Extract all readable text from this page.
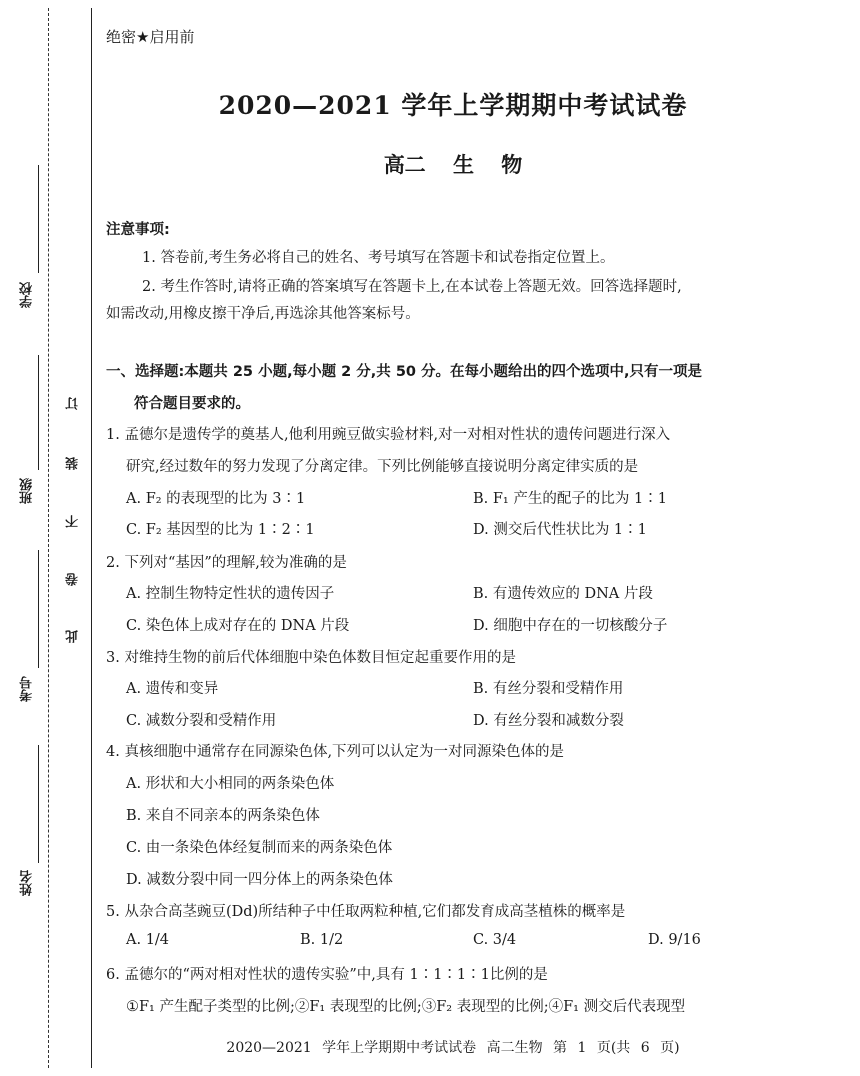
学校
班级
考号
姓名
订
装
不
卷
此
绝密★启用前
2020—2021 学年上学期期中考试试卷
高二 生 物
注意事项:
1. 答卷前,考生务必将自己的姓名、考号填写在答题卡和试卷指定位置上。
2. 考生作答时,请将正确的答案填写在答题卡上,在本试卷上答题无效。回答选择题时,
如需改动,用橡皮擦干净后,再选涂其他答案标号。
一、选择题:本题共 25 小题,每小题 2 分,共 50 分。在每小题给出的四个选项中,只有一项是
符合题目要求的。
1. 孟德尔是遗传学的奠基人,他利用豌豆做实验材料,对一对相对性状的遗传问题进行深入
研究,经过数年的努力发现了分离定律。下列比例能够直接说明分离定律实质的是
A. F₂ 的表现型的比为 3∶1	B. F₁ 产生的配子的比为 1∶1
C. F₂ 基因型的比为 1∶2∶1	D. 测交后代性状比为 1∶1
2. 下列对“基因”的理解,较为准确的是
A. 控制生物特定性状的遗传因子	B. 有遗传效应的 DNA 片段
C. 染色体上成对存在的 DNA 片段	D. 细胞中存在的一切核酸分子
3. 对维持生物的前后代体细胞中染色体数目恒定起重要作用的是
A. 遗传和变异	B. 有丝分裂和受精作用
C. 减数分裂和受精作用	D. 有丝分裂和减数分裂
4. 真核细胞中通常存在同源染色体,下列可以认定为一对同源染色体的是
A. 形状和大小相同的两条染色体
B. 来自不同亲本的两条染色体
C. 由一条染色体经复制而来的两条染色体
D. 减数分裂中同一四分体上的两条染色体
5. 从杂合高茎豌豆(Dd)所结种子中任取两粒种植,它们都发育成高茎植株的概率是
A. 1/4	B. 1/2	C. 3/4	D. 9/16
6. 孟德尔的“两对相对性状的遗传实验”中,具有 1∶1∶1∶1比例的是
①F₁ 产生配子类型的比例;②F₁ 表现型的比例;③F₂ 表现型的比例;④F₁ 测交后代表现型
2020—2021 学年上学期期中考试试卷 高二生物 第 1 页(共 6 页)
